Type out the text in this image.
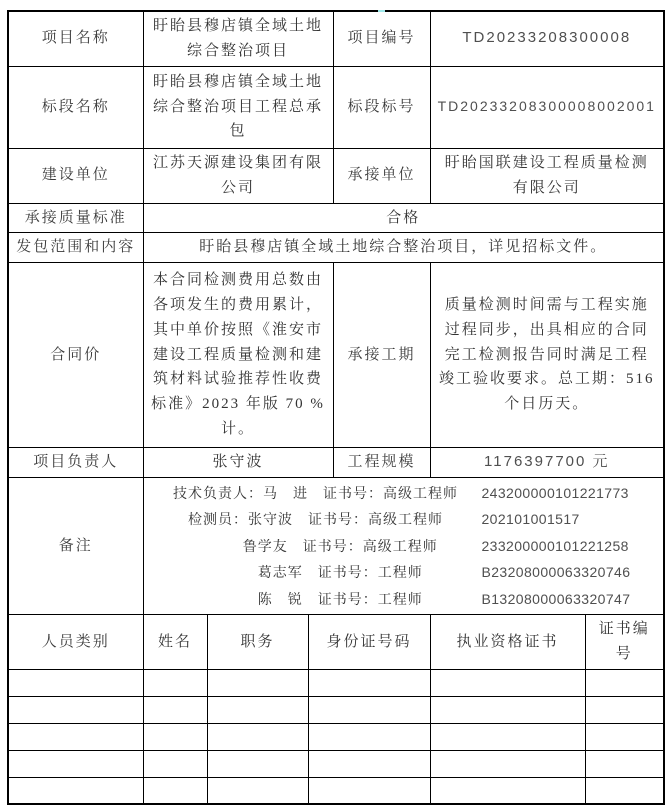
项目名称	盱眙县穆店镇全域土地综合整治项目			项目编号	TD20233208300008	
标段名称	盱眙县穆店镇全域土地综合整治项目工程总承包			标段标号	TD20233208300008002001	
建设单位	江苏天源建设集团有限公司			承接单位	盱眙国联建设工程质量检测有限公司	
承接质量标准	合格					
发包范围和内容	盱眙县穆店镇全域土地综合整治项目，详见招标文件。					
合同价	本合同检测费用总数由各项发生的费用累计，其中单价按照《淮安市建设工程质量检测和建筑材料试验推荐性收费标准》2023 年版 70 %计。			承接工期	质量检测时间需与工程实施过程同步，出具相应的合同完工检测报告同时满足工程竣工验收要求。总工期：516 个日历天。	
项目负责人	张守波			工程规模	1176397700 元	
备注	
技术负责人：马　进　证书号：高级工程师	243200000101221773
检测员：张守波　证书号：高级工程师	202101001517
　　　 鲁学友　证书号：高级工程师	233200000101221258
　　　 葛志军　证书号：工程师	B23208000063320746
　　　 陈　锐　证书号：工程师	B13208000063320747

人员类别	姓名	职务	身份证号码		执业资格证书	证书编号
